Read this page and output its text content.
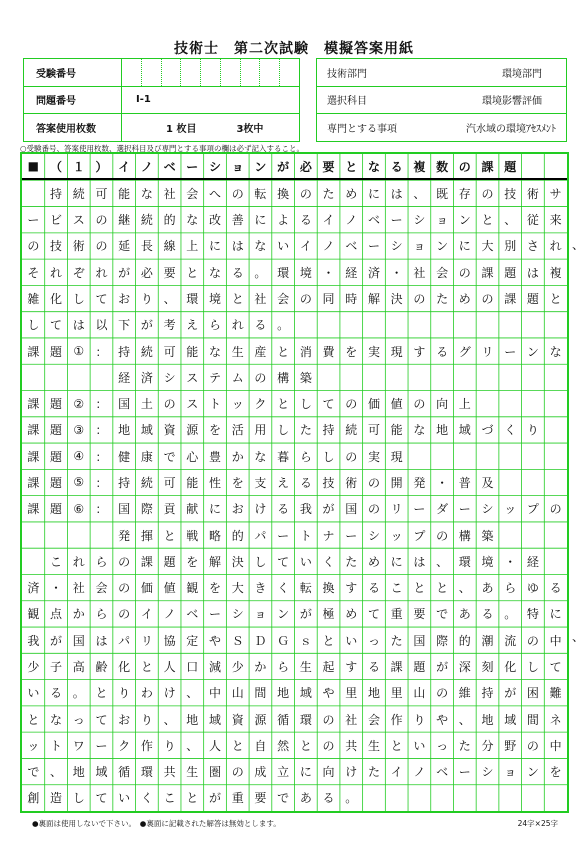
技術士　第二次試験　模擬答案用紙
受験番号
問題番号	Ⅰ-1
答案使用枚数	1 枚目　　　　3枚中
技術部門	環境部門
選択科目	環境影響評価
専門とする事項	汽水域の環境ｱｾｽﾒﾝﾄ
○受験番号、答案使用枚数、選択科目及び専門とする事項の欄は必ず記入すること。
■ （ １ ） イ ノ ベ ー シ ョ ン が 必 要 と な る 複 数 の 課 題
持 続 可 能 な 社 会 へ の 転 換 の た め に は 、 既 存 の 技 術 サ
ー ビ ス の 継 続 的 な 改 善 に よ る イ ノ ベ ー シ ョ ン と 、 従 来
の 技 術 の 延 長 線 上 に は な い イ ノ ベ ー シ ョ ン に 大 別 さ れ
そ れ ぞ れ が 必 要 と な る 。 環 境 ・ 経 済 ・ 社 会 の 課 題 は 複
雑 化 し て お り 、 環 境 と 社 会 の 同 時 解 決 の た め の 課 題 と
し て は 以 下 が 考 え ら れ る 。
課 題 ① ： 持 続 可 能 な 生 産 と 消 費 を 実 現 す る グ リ ー ン な
経 済 シ ス テ ム の 構 築
課 題 ② ： 国 土 の ス ト ッ ク と し て の 価 値 の 向 上
課 題 ③ ： 地 域 資 源 を 活 用 し た 持 続 可 能 な 地 域 づ く り
課 題 ④ ： 健 康 で 心 豊 か な 暮 ら し の 実 現
課 題 ⑤ ： 持 続 可 能 性 を 支 え る 技 術 の 開 発 ・ 普 及
課 題 ⑥ ： 国 際 貢 献 に お け る 我 が 国 の リ ー ダ ー シ ッ プ の
発 揮 と 戦 略 的 パ ー ト ナ ー シ ッ プ の 構 築
こ れ ら の 課 題 を 解 決 し て い く た め に は 、 環 境 ・ 経
済 ・ 社 会 の 価 値 観 を 大 き く 転 換 す る こ と と 、 あ ら ゆ る
観 点 か ら の イ ノ ベ ー シ ョ ン が 極 め て 重 要 で あ る 。 特 に
我 が 国 は パ リ 協 定 や Ｓ Ｄ Ｇ ｓ と い っ た 国 際 的 潮 流 の 中
少 子 高 齢 化 と 人 口 減 少 か ら 生 起 す る 課 題 が 深 刻 化 し て
い る 。 と り わ け 、 中 山 間 地 域 や 里 地 里 山 の 維 持 が 困 難
と な っ て お り 、 地 域 資 源 循 環 の 社 会 作 り や 、 地 域 間 ネ
ッ ト ワ ー ク 作 り 、 人 と 自 然 と の 共 生 と い っ た 分 野 の 中
で 、 地 域 循 環 共 生 圏 の 成 立 に 向 け た イ ノ ベ ー シ ョ ン を
創 造 し て い く こ と が 重 要 で あ る 。
、
、
●裏面は使用しないで下さい。　●裏面に記載された解答は無効とします。	24字×25字
